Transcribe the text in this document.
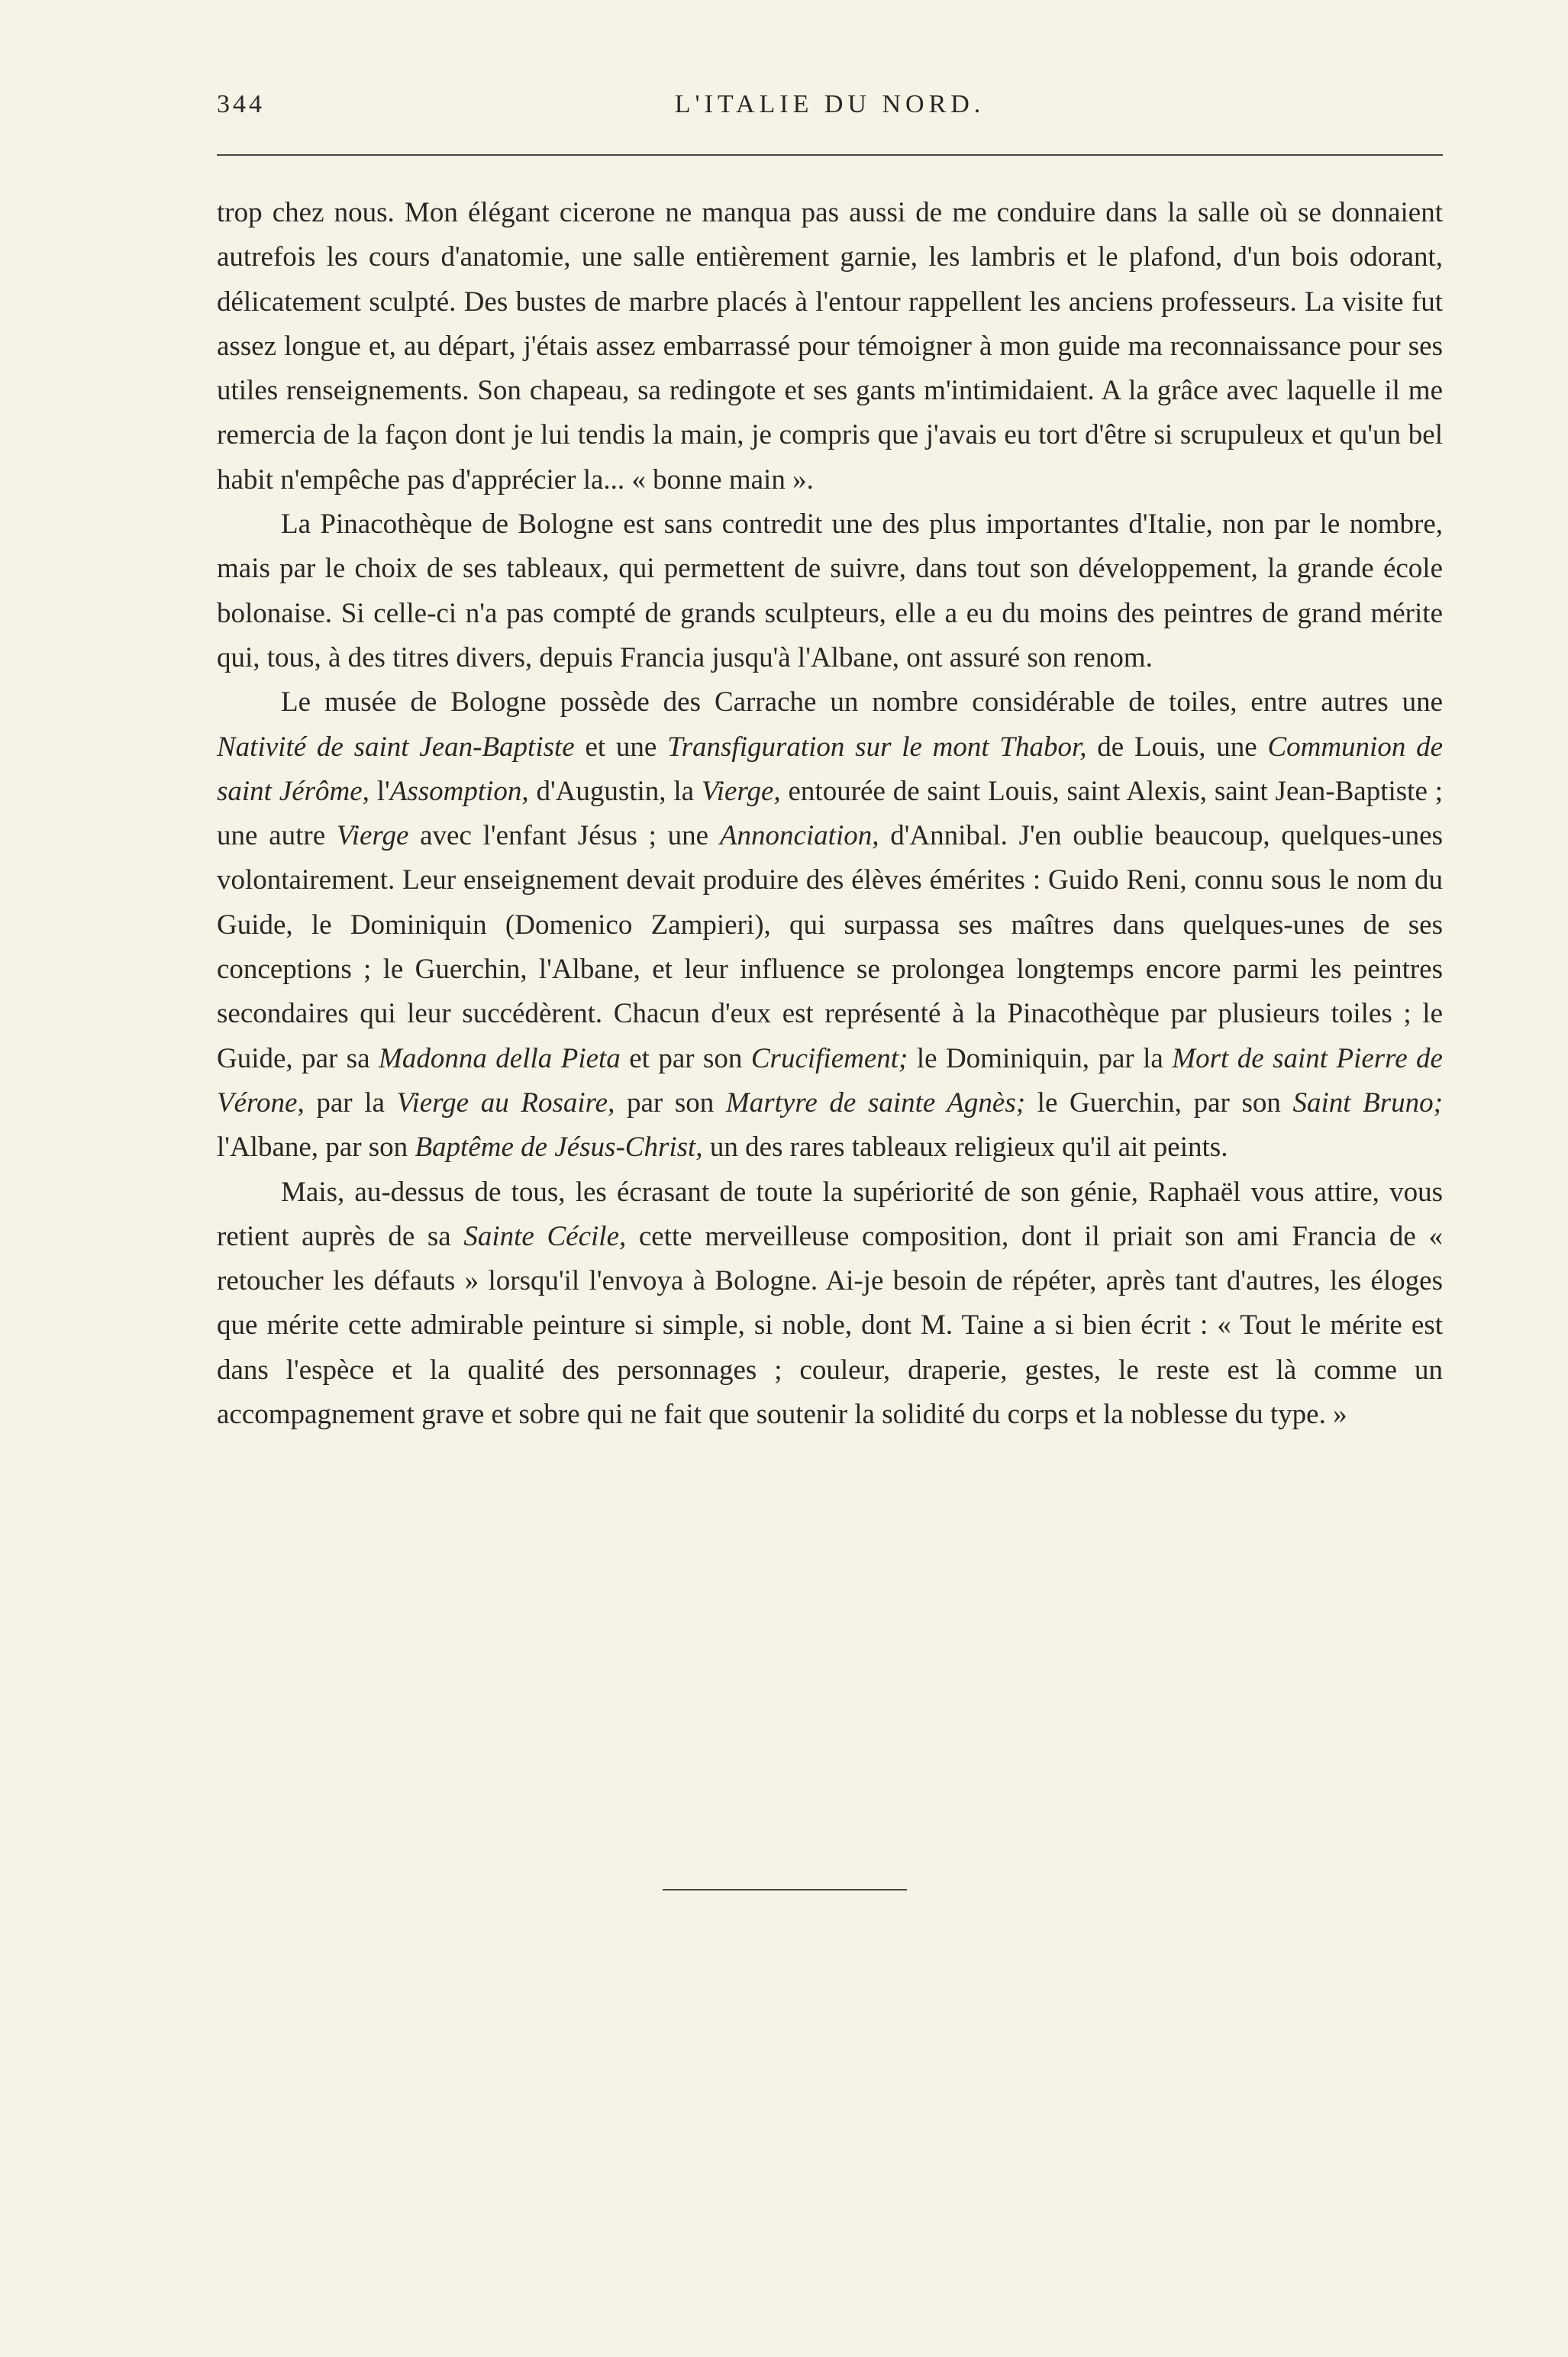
344	L'ITALIE DU NORD.

trop chez nous. Mon élégant cicerone ne manqua pas aussi de me conduire dans la salle où se donnaient autrefois les cours d'anatomie, une salle entièrement garnie, les lambris et le plafond, d'un bois odorant, délicatement sculpté. Des bustes de marbre placés à l'entour rappellent les anciens professeurs. La visite fut assez longue et, au départ, j'étais assez embarrassé pour témoigner à mon guide ma reconnaissance pour ses utiles renseignements. Son chapeau, sa redingote et ses gants m'intimidaient. A la grâce avec laquelle il me remercia de la façon dont je lui tendis la main, je compris que j'avais eu tort d'être si scrupuleux et qu'un bel habit n'empêche pas d'apprécier la... « bonne main ».

La Pinacothèque de Bologne est sans contredit une des plus importantes d'Italie, non par le nombre, mais par le choix de ses tableaux, qui permettent de suivre, dans tout son développement, la grande école bolonaise. Si celle-ci n'a pas compté de grands sculpteurs, elle a eu du moins des peintres de grand mérite qui, tous, à des titres divers, depuis Francia jusqu'à l'Albane, ont assuré son renom.

Le musée de Bologne possède des Carrache un nombre considérable de toiles, entre autres une Nativité de saint Jean-Baptiste et une Transfiguration sur le mont Thabor, de Louis, une Communion de saint Jérôme, l'Assomption, d'Augustin, la Vierge, entourée de saint Louis, saint Alexis, saint Jean-Baptiste ; une autre Vierge avec l'enfant Jésus ; une Annonciation, d'Annibal. J'en oublie beaucoup, quelques-unes volontairement. Leur enseignement devait produire des élèves émérites : Guido Reni, connu sous le nom du Guide, le Dominiquin (Domenico Zampieri), qui surpassa ses maîtres dans quelques-unes de ses conceptions ; le Guerchin, l'Albane, et leur influence se prolongea longtemps encore parmi les peintres secondaires qui leur succédèrent. Chacun d'eux est représenté à la Pinacothèque par plusieurs toiles ; le Guide, par sa Madonna della Pieta et par son Crucifiement; le Dominiquin, par la Mort de saint Pierre de Vérone, par la Vierge au Rosaire, par son Martyre de sainte Agnès; le Guerchin, par son Saint Bruno; l'Albane, par son Baptême de Jésus-Christ, un des rares tableaux religieux qu'il ait peints.

Mais, au-dessus de tous, les écrasant de toute la supériorité de son génie, Raphaël vous attire, vous retient auprès de sa Sainte Cécile, cette merveilleuse composition, dont il priait son ami Francia de « retoucher les défauts » lorsqu'il l'envoya à Bologne. Ai-je besoin de répéter, après tant d'autres, les éloges que mérite cette admirable peinture si simple, si noble, dont M. Taine a si bien écrit : « Tout le mérite est dans l'espèce et la qualité des personnages ; couleur, draperie, gestes, le reste est là comme un accompagnement grave et sobre qui ne fait que soutenir la solidité du corps et la noblesse du type. »
